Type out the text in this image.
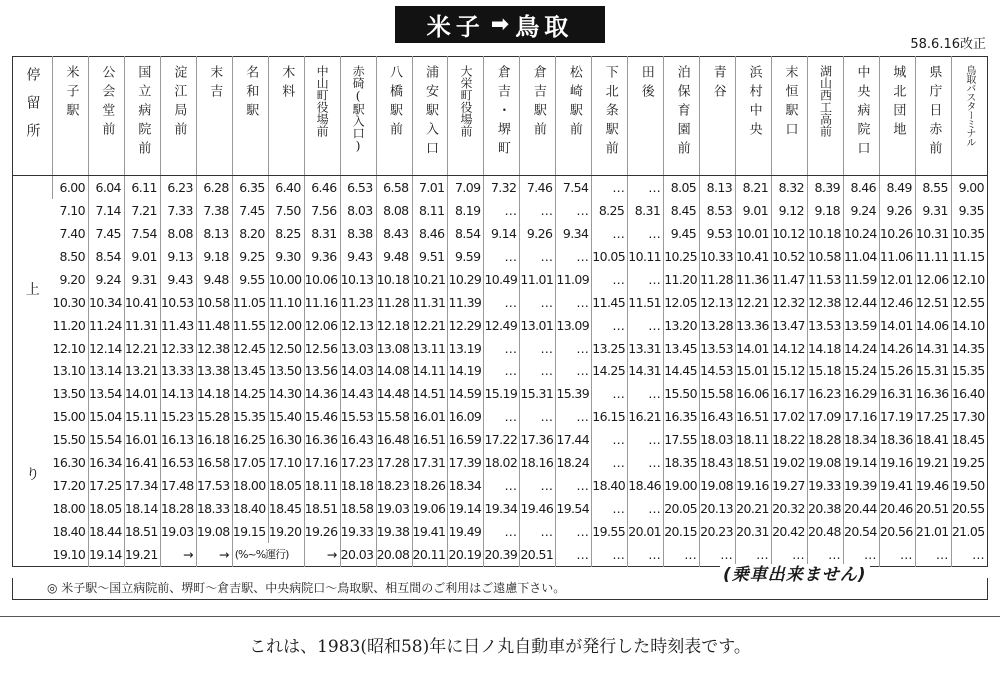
米子 ➡ 鳥取
58.6.16改正
停留所	米子駅	公会堂前	国立病院前	淀江局前	末吉	名和駅	木料	中山町役場前	赤碕(駅入口)	八橋駅前	浦安駅入口	大栄町役場前	倉吉・堺町	倉吉駅前	松崎駅前	下北条駅前	田後	泊保育園前	青谷	浜村中央	末恒駅口	湖山西工高前	中央病院口	城北団地	県庁日赤前	鳥取バスターミナル

上
り	6.00	6.04	6.11	6.23	6.28	6.35	6.40	6.46	6.53	6.58	7.01	7.09	7.32	7.46	7.54	…	…	8.05	8.13	8.21	8.32	8.39	8.46	8.49	8.55	9.00
	7.10	7.14	7.21	7.33	7.38	7.45	7.50	7.56	8.03	8.08	8.11	8.19	…	…	…	8.25	8.31	8.45	8.53	9.01	9.12	9.18	9.24	9.26	9.31	9.35
	7.40	7.45	7.54	8.08	8.13	8.20	8.25	8.31	8.38	8.43	8.46	8.54	9.14	9.26	9.34	…	…	9.45	9.53	10.01	10.12	10.18	10.24	10.26	10.31	10.35
	8.50	8.54	9.01	9.13	9.18	9.25	9.30	9.36	9.43	9.48	9.51	9.59	…	…	…	10.05	10.11	10.25	10.33	10.41	10.52	10.58	11.04	11.06	11.11	11.15
	9.20	9.24	9.31	9.43	9.48	9.55	10.00	10.06	10.13	10.18	10.21	10.29	10.49	11.01	11.09	…	…	11.20	11.28	11.36	11.47	11.53	11.59	12.01	12.06	12.10
	10.30	10.34	10.41	10.53	10.58	11.05	11.10	11.16	11.23	11.28	11.31	11.39	…	…	…	11.45	11.51	12.05	12.13	12.21	12.32	12.38	12.44	12.46	12.51	12.55
	11.20	11.24	11.31	11.43	11.48	11.55	12.00	12.06	12.13	12.18	12.21	12.29	12.49	13.01	13.09	…	…	13.20	13.28	13.36	13.47	13.53	13.59	14.01	14.06	14.10
	12.10	12.14	12.21	12.33	12.38	12.45	12.50	12.56	13.03	13.08	13.11	13.19	…	…	…	13.25	13.31	13.45	13.53	14.01	14.12	14.18	14.24	14.26	14.31	14.35
	13.10	13.14	13.21	13.33	13.38	13.45	13.50	13.56	14.03	14.08	14.11	14.19	…	…	…	14.25	14.31	14.45	14.53	15.01	15.12	15.18	15.24	15.26	15.31	15.35
	13.50	13.54	14.01	14.13	14.18	14.25	14.30	14.36	14.43	14.48	14.51	14.59	15.19	15.31	15.39	…	…	15.50	15.58	16.06	16.17	16.23	16.29	16.31	16.36	16.40
	15.00	15.04	15.11	15.23	15.28	15.35	15.40	15.46	15.53	15.58	16.01	16.09	…	…	…	16.15	16.21	16.35	16.43	16.51	17.02	17.09	17.16	17.19	17.25	17.30
	15.50	15.54	16.01	16.13	16.18	16.25	16.30	16.36	16.43	16.48	16.51	16.59	17.22	17.36	17.44	…	…	17.55	18.03	18.11	18.22	18.28	18.34	18.36	18.41	18.45
	16.30	16.34	16.41	16.53	16.58	17.05	17.10	17.16	17.23	17.28	17.31	17.39	18.02	18.16	18.24	…	…	18.35	18.43	18.51	19.02	19.08	19.14	19.16	19.21	19.25
	17.20	17.25	17.34	17.48	17.53	18.00	18.05	18.11	18.18	18.23	18.26	18.34	…	…	…	18.40	18.46	19.00	19.08	19.16	19.27	19.33	19.39	19.41	19.46	19.50
	18.00	18.05	18.14	18.28	18.33	18.40	18.45	18.51	18.58	19.03	19.06	19.14	19.34	19.46	19.54	…	…	20.05	20.13	20.21	20.32	20.38	20.44	20.46	20.51	20.55
	18.40	18.44	18.51	19.03	19.08	19.15	19.20	19.26	19.33	19.38	19.41	19.49	…	…	…	19.55	20.01	20.15	20.23	20.31	20.42	20.48	20.54	20.56	21.01	21.05
	19.10	19.14	19.21	→	→	(%~%運行)		→	20.03	20.08	20.11	20.19	20.39	20.51	…	…	…	…	…	…	…	…	…	…	…	…
◎ 米子駅〜国立病院前、堺町〜倉吉駅、中央病院口〜鳥取駅、相互間のご利用はご遠慮下さい。
(乗車出来ません)
これは、1983(昭和58)年に日ノ丸自動車が発行した時刻表です。
